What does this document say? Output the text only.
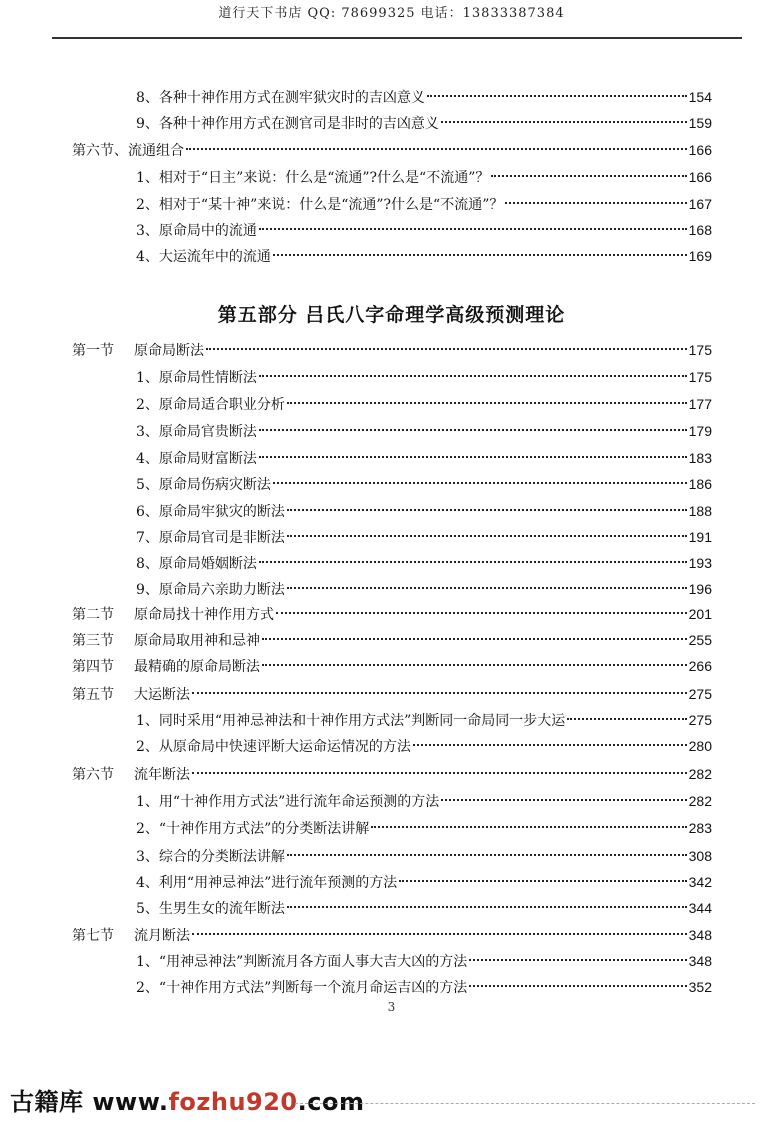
道行天下书店 QQ: 78699325 电话：13833387384
8、各种十神作用方式在测牢狱灾时的吉凶意义	154
9、各种十神作用方式在测官司是非时的吉凶意义	159
第六节、流通组合	166
1、相对于“日主”来说：什么是“流通”?什么是“不流通”？	166
2、相对于“某十神”来说：什么是“流通”?什么是“不流通”？	167
3、原命局中的流通	168
4、大运流年中的流通	169
第五部分 吕氏八字命理学高级预测理论
第一节 原命局断法	175
1、原命局性情断法	175
2、原命局适合职业分析	177
3、原命局官贵断法	179
4、原命局财富断法	183
5、原命局伤病灾断法	186
6、原命局牢狱灾的断法	188
7、原命局官司是非断法	191
8、原命局婚姻断法	193
9、原命局六亲助力断法	196
第二节 原命局找十神作用方式	201
第三节 原命局取用神和忌神	255
第四节 最精确的原命局断法	266
第五节 大运断法	275
1、同时采用“用神忌神法和十神作用方式法”判断同一命局同一步大运	275
2、从原命局中快速评断大运命运情况的方法	280
第六节 流年断法	282
1、用“十神作用方式法”进行流年命运预测的方法	282
2、“十神作用方式法”的分类断法讲解	283
3、综合的分类断法讲解	308
4、利用“用神忌神法”进行流年预测的方法	342
5、生男生女的流年断法	344
第七节 流月断法	348
1、“用神忌神法”判断流月各方面人事大吉大凶的方法	348
2、“十神作用方式法”判断每一个流月命运吉凶的方法	352
3
古籍库 www.fozhu920.com
